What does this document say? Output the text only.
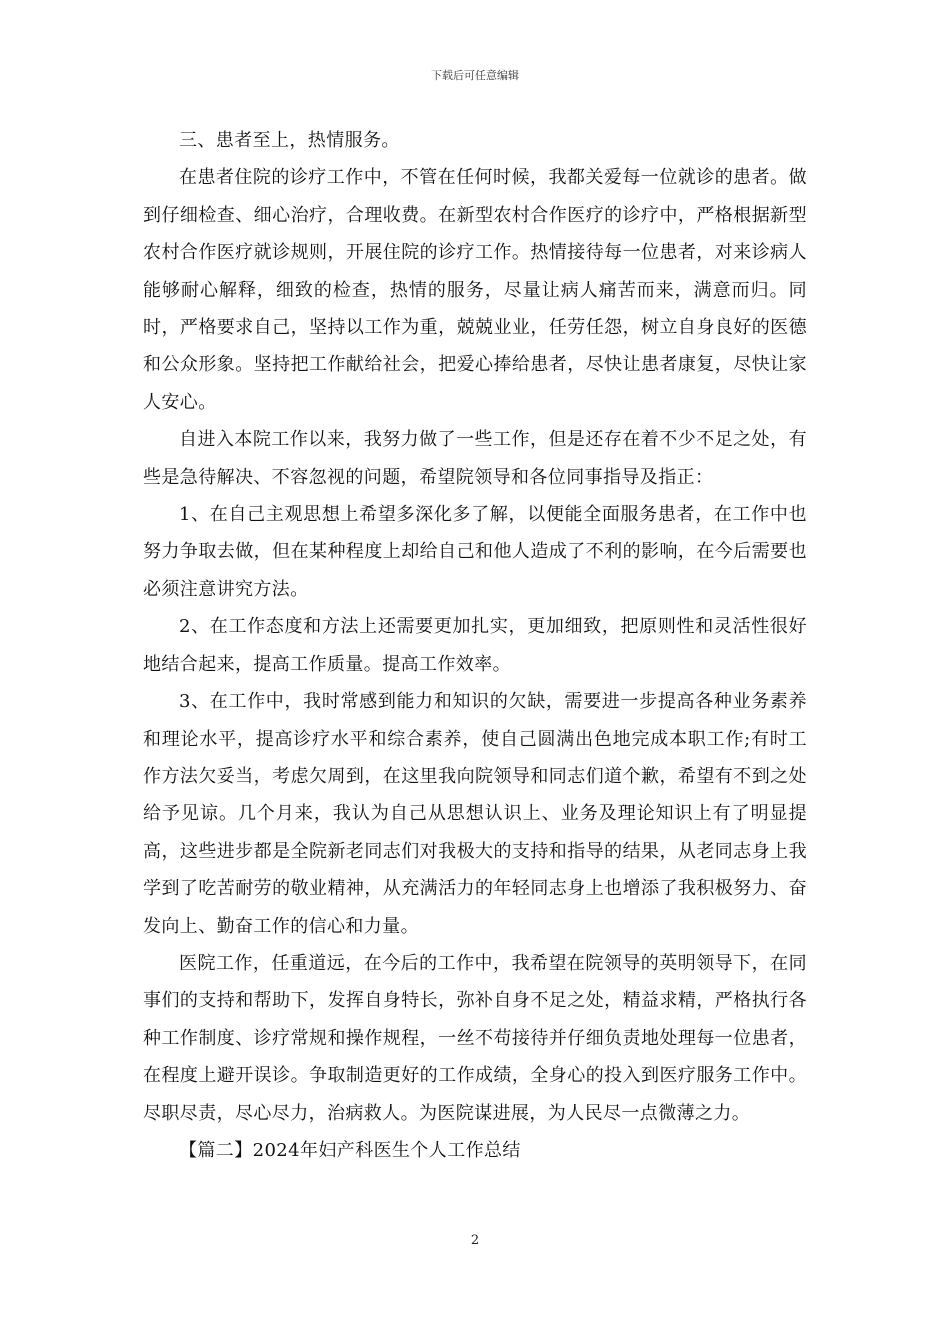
下载后可任意编辑

三、患者至上，热情服务。

在患者住院的诊疗工作中，不管在任何时候，我都关爱每一位就诊的患者。做到仔细检查、细心治疗，合理收费。在新型农村合作医疗的诊疗中，严格根据新型农村合作医疗就诊规则，开展住院的诊疗工作。热情接待每一位患者，对来诊病人能够耐心解释，细致的检查，热情的服务，尽量让病人痛苦而来，满意而归。同时，严格要求自己，坚持以工作为重，兢兢业业，任劳任怨，树立自身良好的医德和公众形象。坚持把工作献给社会，把爱心捧给患者，尽快让患者康复，尽快让家人安心。

自进入本院工作以来，我努力做了一些工作，但是还存在着不少不足之处，有些是急待解决、不容忽视的问题，希望院领导和各位同事指导及指正：

1、在自己主观思想上希望多深化多了解，以便能全面服务患者，在工作中也努力争取去做，但在某种程度上却给自己和他人造成了不利的影响，在今后需要也必须注意讲究方法。

2、在工作态度和方法上还需要更加扎实，更加细致，把原则性和灵活性很好地结合起来，提高工作质量。提高工作效率。

3、在工作中，我时常感到能力和知识的欠缺，需要进一步提高各种业务素养和理论水平，提高诊疗水平和综合素养，使自己圆满出色地完成本职工作;有时工作方法欠妥当，考虑欠周到，在这里我向院领导和同志们道个歉，希望有不到之处给予见谅。几个月来，我认为自己从思想认识上、业务及理论知识上有了明显提高，这些进步都是全院新老同志们对我极大的支持和指导的结果，从老同志身上我学到了吃苦耐劳的敬业精神，从充满活力的年轻同志身上也增添了我积极努力、奋发向上、勤奋工作的信心和力量。

医院工作，任重道远，在今后的工作中，我希望在院领导的英明领导下，在同事们的支持和帮助下，发挥自身特长，弥补自身不足之处，精益求精，严格执行各种工作制度、诊疗常规和操作规程，一丝不苟接待并仔细负责地处理每一位患者，在程度上避开误诊。争取制造更好的工作成绩，全身心的投入到医疗服务工作中。尽职尽责，尽心尽力，治病救人。为医院谋进展，为人民尽一点微薄之力。

【篇二】2024年妇产科医生个人工作总结

2
